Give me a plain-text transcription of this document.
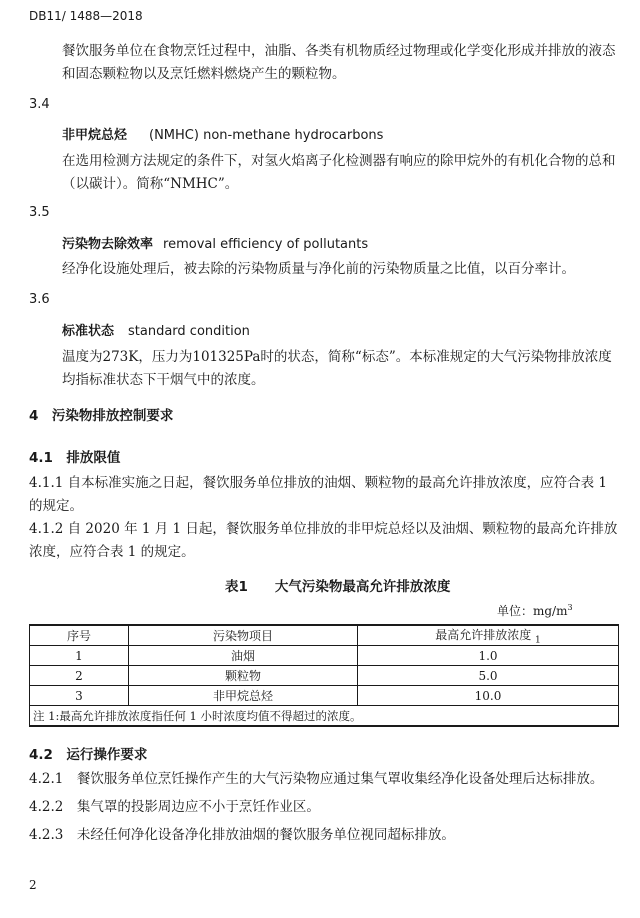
DB11/ 1488—2018
餐饮服务单位在食物烹饪过程中，油脂、各类有机物质经过物理或化学变化形成并排放的液态和固态颗粒物以及烹饪燃料燃烧产生的颗粒物。
3.4
非甲烷总烃 (NMHC) non-methane hydrocarbons
在选用检测方法规定的条件下，对氢火焰离子化检测器有响应的除甲烷外的有机化合物的总和（以碳计）。简称“NMHC”。
3.5
污染物去除效率 removal efficiency of pollutants
经净化设施处理后，被去除的污染物质量与净化前的污染物质量之比值，以百分率计。
3.6
标准状态 standard condition
温度为273K，压力为101325Pa时的状态，简称“标态”。本标准规定的大气污染物排放浓度均指标准状态下干烟气中的浓度。
4　污染物排放控制要求
4.1　排放限值
4.1.1 自本标准实施之日起，餐饮服务单位排放的油烟、颗粒物的最高允许排放浓度，应符合表 1 的规定。
4.1.2 自 2020 年 1 月 1 日起，餐饮服务单位排放的非甲烷总烃以及油烟、颗粒物的最高允许排放浓度，应符合表 1 的规定。
表1　　大气污染物最高允许排放浓度
单位：$mg/m^3$
序号	污染物项目	最高允许排放浓度 $_1$
1	油烟	1.0
2	颗粒物	5.0
3	非甲烷总烃	10.0
注 1:最高允许排放浓度指任何 1 小时浓度均值不得超过的浓度。		
4.2　运行操作要求
4.2.1　餐饮服务单位烹饪操作产生的大气污染物应通过集气罩收集经净化设备处理后达标排放。
4.2.2　集气罩的投影周边应不小于烹饪作业区。
4.2.3　未经任何净化设备净化排放油烟的餐饮服务单位视同超标排放。
2
